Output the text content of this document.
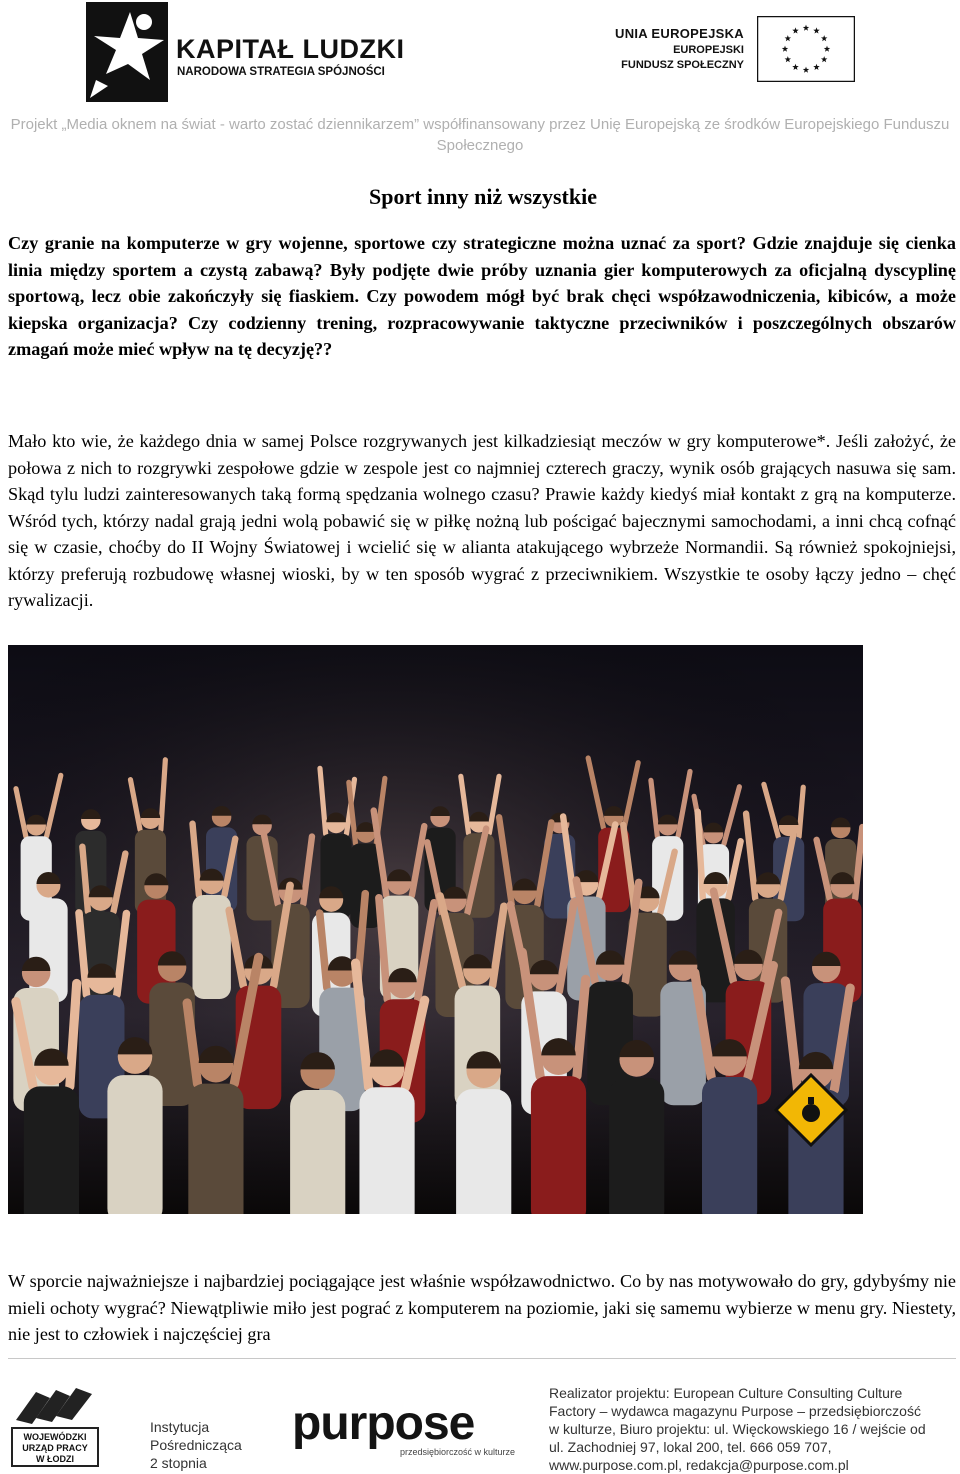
KAPITAŁ LUDZKI
NARODOWA STRATEGIA SPÓJNOŚCI
UNIA EUROPEJSKA
EUROPEJSKI
FUNDUSZ SPOŁECZNY
Projekt „Media oknem na świat - warto zostać dziennikarzem” współfinansowany przez Unię Europejską ze środków Europejskiego Funduszu Społecznego
Sport inny niż wszystkie
Czy granie na komputerze w gry wojenne, sportowe czy strategiczne można uznać za sport? Gdzie znajduje się cienka linia między sportem a czystą zabawą? Były podjęte dwie próby uznania gier komputerowych za oficjalną dyscyplinę sportową, lecz obie zakończyły się fiaskiem. Czy powodem mógł być brak chęci współzawodniczenia, kibiców, a może kiepska organizacja? Czy codzienny trening, rozpracowywanie taktyczne przeciwników i poszczególnych obszarów zmagań może mieć wpływ na tę decyzję??
Mało kto wie, że każdego dnia w samej Polsce rozgrywanych jest kilkadziesiąt meczów w gry komputerowe*. Jeśli założyć, że połowa z nich to rozgrywki zespołowe gdzie w zespole jest co najmniej czterech graczy, wynik osób grających nasuwa się sam. Skąd tylu ludzi zainteresowanych taką formą spędzania wolnego czasu? Prawie każdy kiedyś miał kontakt z grą na komputerze. Wśród tych, którzy nadal grają jedni wolą pobawić się w piłkę nożną lub pościgać bajecznymi samochodami, a inni chcą cofnąć się w czasie, choćby do II Wojny Światowej i wcielić się w alianta atakującego wybrzeże Normandii. Są również spokojniejsi, którzy preferują rozbudowę własnej wioski, by w ten sposób wygrać z przeciwnikiem. Wszystkie te osoby łączy jedno – chęć rywalizacji.
W sporcie najważniejsze i najbardziej pociągające jest właśnie współzawodnictwo. Co by nas motywowało do gry, gdybyśmy nie mieli ochoty wygrać? Niewątpliwie miło jest pograć z komputerem na poziomie, jaki się samemu wybierze w menu gry. Niestety, nie jest to człowiek i najczęściej gra
WOJEWÓDZKI
URZĄD PRACY
W ŁODZI
Instytucja
Pośrednicząca
2 stopnia
purpose
przedsiębiorczość w kulturze
Realizator projektu: European Culture Consulting Culture
Factory – wydawca magazynu Purpose – przedsiębiorczość
w kulturze, Biuro projektu: ul. Więckowskiego 16 / wejście od
ul. Zachodniej 97, lokal 200, tel. 666 059 707,
www.purpose.com.pl, redakcja@purpose.com.pl
